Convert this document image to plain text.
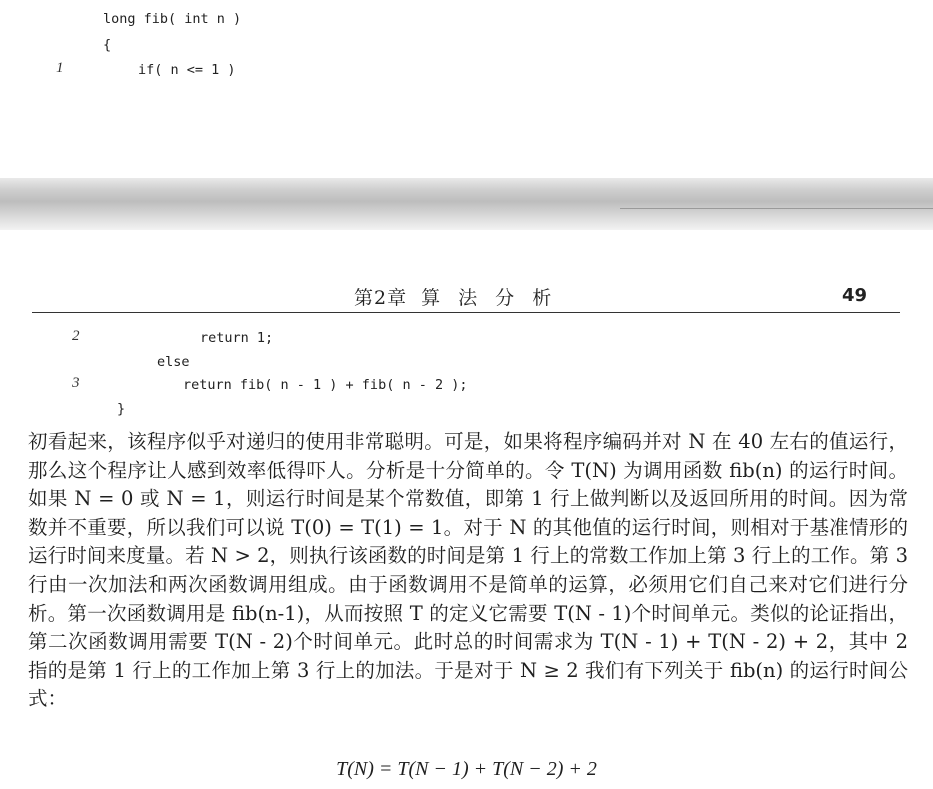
long fib( int n )
{
1	if( n <= 1 )
第2章 算 法 分 析	49
2	return 1;
else
3	return fib( n - 1 ) + fib( n - 2 );
}
初看起来，该程序似乎对递归的使用非常聪明。可是，如果将程序编码并对 N 在 40 左右的值运行，那么这个程序让人感到效率低得吓人。分析是十分简单的。令 T(N) 为调用函数 fib(n) 的运行时间。如果 N = 0 或 N = 1，则运行时间是某个常数值，即第 1 行上做判断以及返回所用的时间。因为常数并不重要，所以我们可以说 T(0) = T(1) = 1。对于 N 的其他值的运行时间，则相对于基准情形的运行时间来度量。若 N > 2，则执行该函数的时间是第 1 行上的常数工作加上第 3 行上的工作。第 3 行由一次加法和两次函数调用组成。由于函数调用不是简单的运算，必须用它们自己来对它们进行分析。第一次函数调用是 fib(n-1)，从而按照 T 的定义它需要 T(N - 1)个时间单元。类似的论证指出，第二次函数调用需要 T(N - 2)个时间单元。此时总的时间需求为 T(N - 1) + T(N - 2) + 2，其中 2 指的是第 1 行上的工作加上第 3 行上的加法。于是对于 N ≥ 2 我们有下列关于 fib(n) 的运行时间公式：
T(N) = T(N − 1) + T(N − 2) + 2
